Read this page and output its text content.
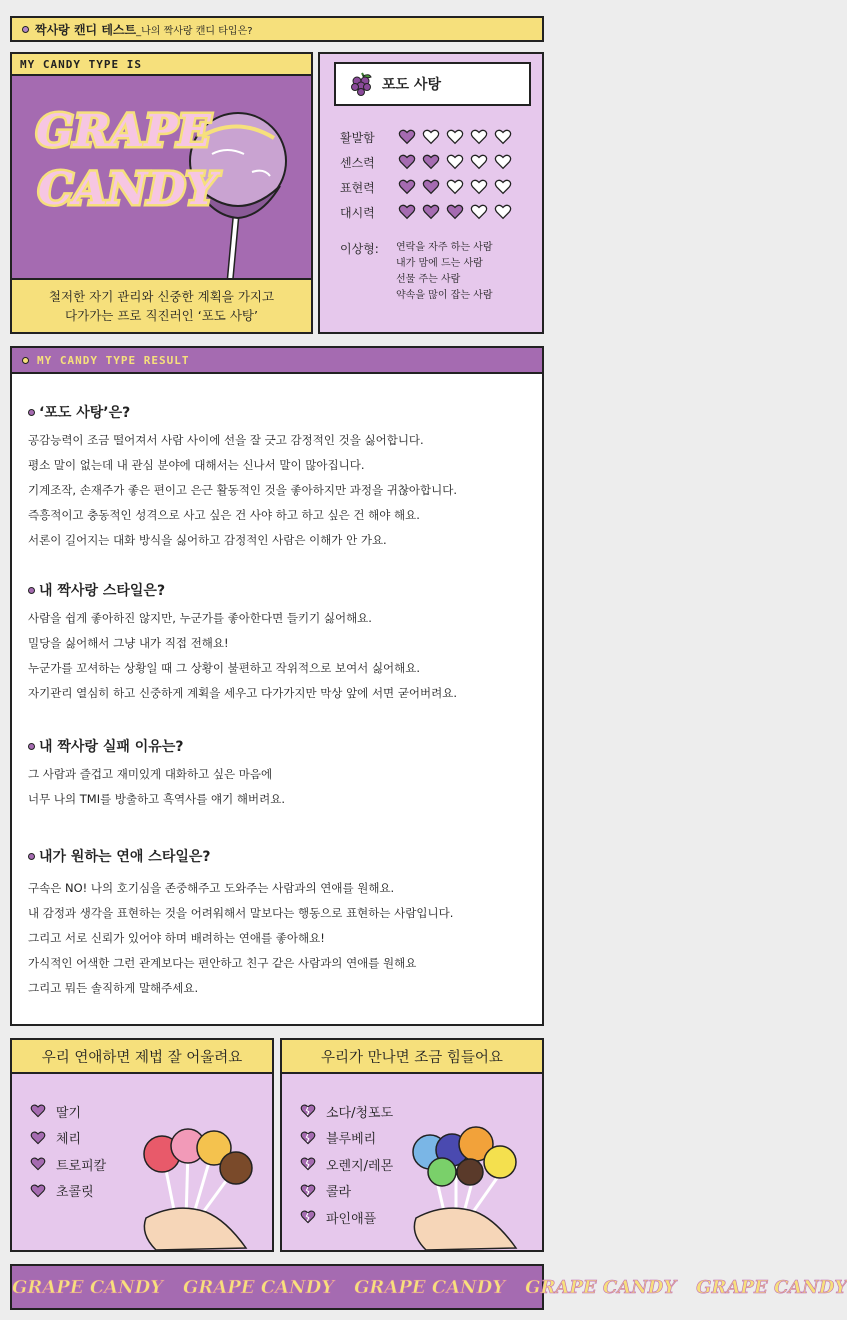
짝사랑 캔디 테스트 _나의 짝사랑 캔디 타입은?
MY CANDY TYPE IS
GRAPE
CANDY
철저한 자기 관리와 신중한 계획을 가지고
다가가는 프로 직진러인 ‘포도 사탕’
포도 사탕
활발함
센스력
표현력
대시력
이상형: 연락을 자주 하는 사람
내가 맘에 드는 사람
선물 주는 사람
약속을 많이 잡는 사람
MY CANDY TYPE RESULT
‘포도 사탕’은?
공감능력이 조금 떨어져서 사람 사이에 선을 잘 긋고 감정적인 것을 싫어합니다.
평소 말이 없는데 내 관심 분야에 대해서는 신나서 말이 많아집니다.
기계조작, 손재주가 좋은 편이고 은근 활동적인 것을 좋아하지만 과정을 귀찮아합니다.
즉흥적이고 충동적인 성격으로 사고 싶은 건 사야 하고 하고 싶은 건 해야 해요.
서론이 길어지는 대화 방식을 싫어하고 감정적인 사람은 이해가 안 가요.
내 짝사랑 스타일은?
사람을 쉽게 좋아하진 않지만, 누군가를 좋아한다면 들키기 싫어해요.
밀당을 싫어해서 그냥 내가 직접 전해요!
누군가를 꼬셔하는 상황일 때 그 상황이 불편하고 작위적으로 보여서 싫어해요.
자기관리 열심히 하고 신중하게 계획을 세우고 다가가지만 막상 앞에 서면 굳어버려요.
내 짝사랑 실패 이유는?
그 사람과 즐겁고 재미있게 대화하고 싶은 마음에
너무 나의 TMI를 방출하고 흑역사를 얘기 해버려요.
내가 원하는 연애 스타일은?
구속은 NO! 나의 호기심을 존중해주고 도와주는 사람과의 연애를 원해요.
내 감정과 생각을 표현하는 것을 어려워해서 말보다는 행동으로 표현하는 사람입니다.
그리고 서로 신뢰가 있어야 하며 배려하는 연애를 좋아해요!
가식적인 어색한 그런 관계보다는 편안하고 친구 같은 사람과의 연애를 원해요
그리고 뭐든 솔직하게 말해주세요.
우리 연애하면 제법 잘 어울려요
딸기
체리
트로피칼
초콜릿
우리가 만나면 조금 힘들어요
소다/청포도
블루베리
오렌지/레몬
콜라
파인애플
GRAPE CANDY GRAPE CANDY GRAPE CANDY GRAPE CANDY GRAPE CANDY
